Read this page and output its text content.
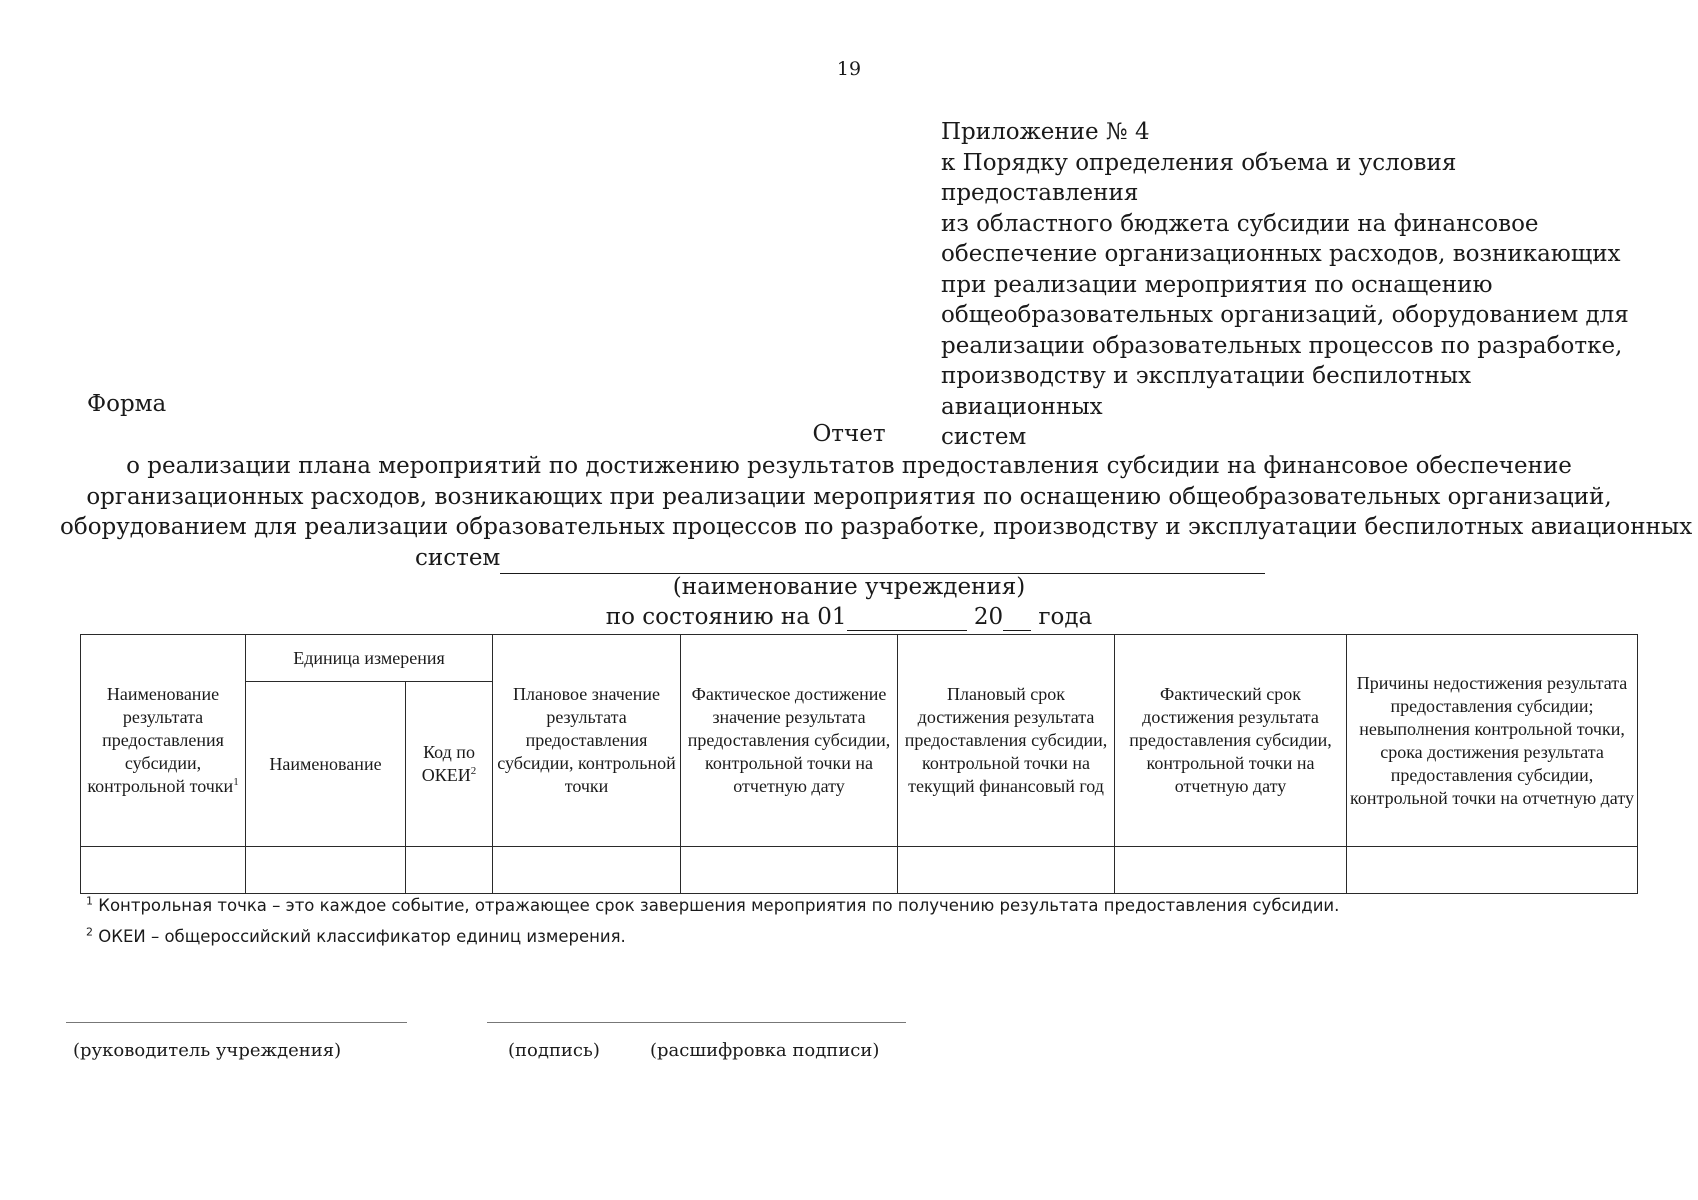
19
Приложение № 4
к Порядку определения объема и условия предоставления
из областного бюджета субсидии на финансовое
обеспечение организационных расходов, возникающих
при реализации мероприятия по оснащению
общеобразовательных организаций, оборудованием для
реализации образовательных процессов по разработке,
производству и эксплуатации беспилотных авиационных
систем
Форма
Отчет
о реализации плана мероприятий по достижению результатов предоставления субсидии на финансовое обеспечение
организационных расходов, возникающих при реализации мероприятия по оснащению общеобразовательных организаций,
оборудованием для реализации образовательных процессов по разработке, производству и эксплуатации беспилотных авиационных
систем
(наименование учреждения)
по состоянию на 01	20 года
Наименование результата предоставления субсидии, контрольной точки$^1$	Единица измерения		Плановое значение результата предоставления субсидии, контрольной точки	Фактическое достижение значение результата предоставления субсидии, контрольной точки на отчетную дату	Плановый срок достижения результата предоставления субсидии, контрольной точки на текущий финансовый год	Фактический срок достижения результата предоставления субсидии, контрольной точки на отчетную дату	Причины недостижения результата предоставления субсидии; невыполнения контрольной точки, срока достижения результата предоставления субсидии, контрольной точки на отчетную дату
	Наименование	Код по ОКЕИ$^2$

$^1$ Контрольная точка – это каждое событие, отражающее срок завершения мероприятия по получению результата предоставления субсидии.
$^2$ ОКЕИ – общероссийский классификатор единиц измерения.
(руководитель учреждения)	(подпись)	(расшифровка подписи)
